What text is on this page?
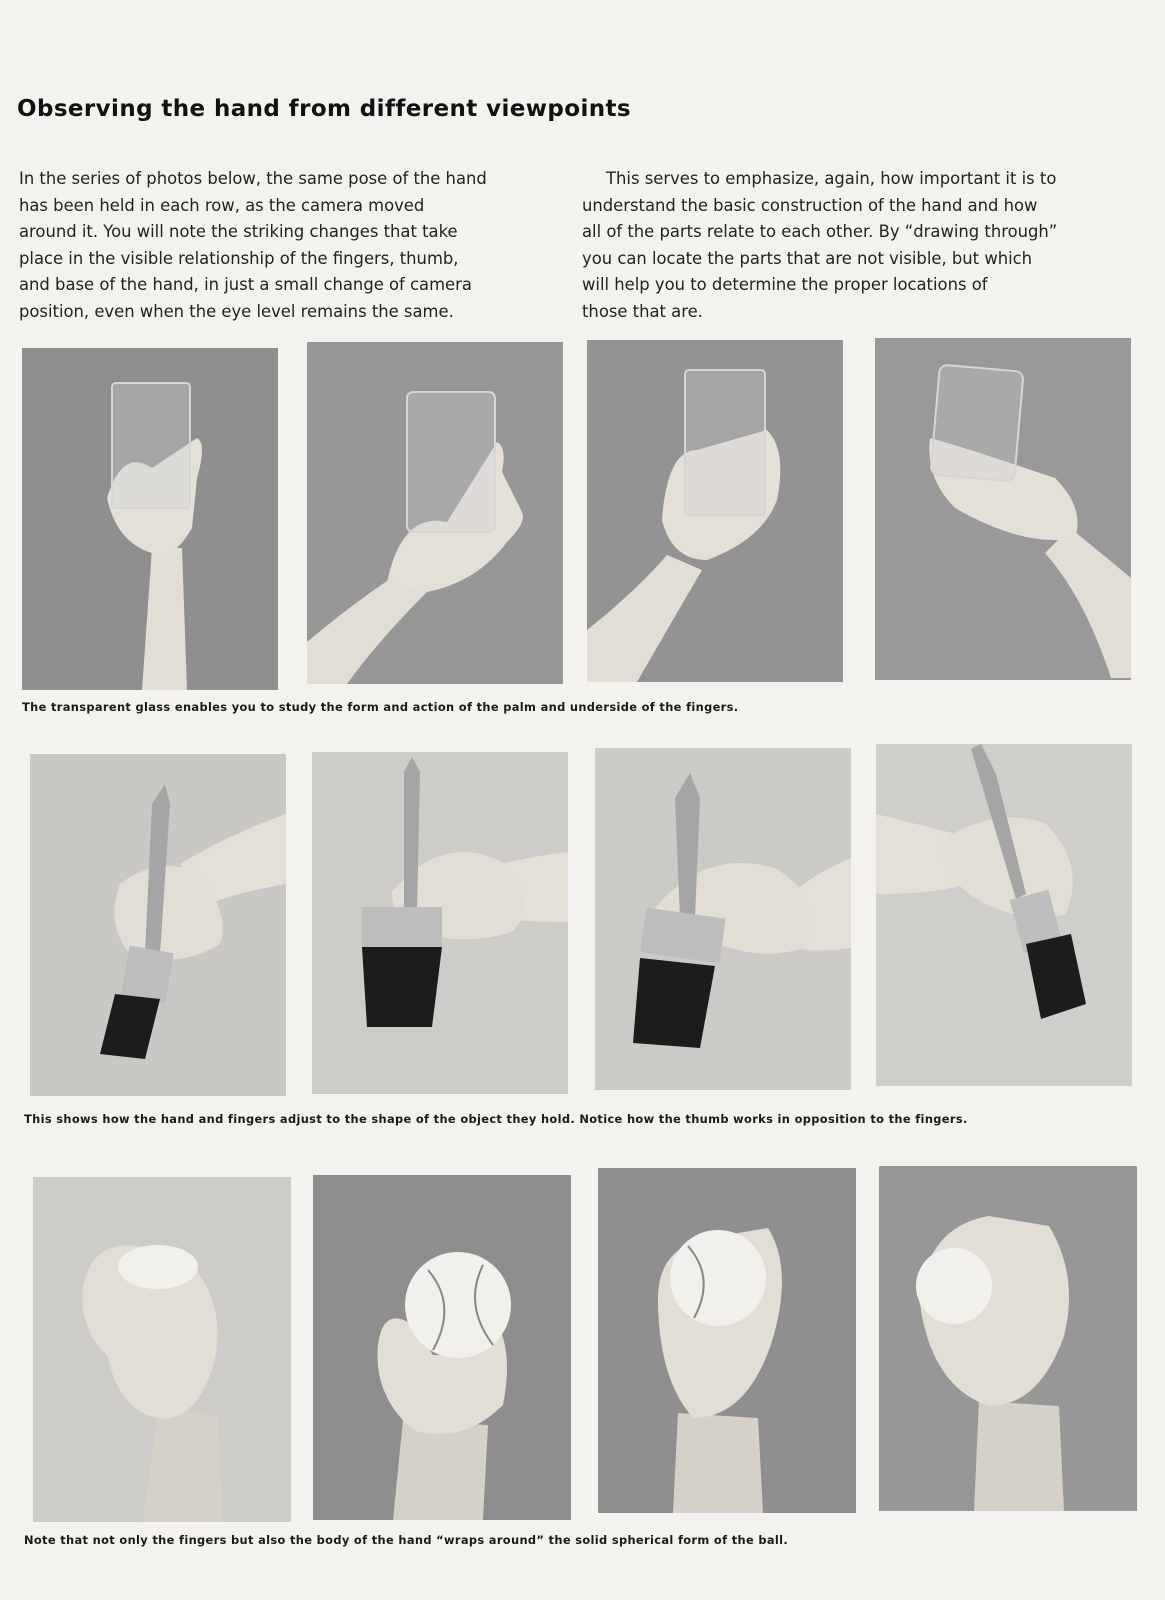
Observing the hand from different viewpoints
In the series of photos below, the same pose of the hand
has been held in each row, as the camera moved
around it. You will note the striking changes that take
place in the visible relationship of the fingers, thumb,
and base of the hand, in just a small change of camera
position, even when the eye level remains the same.
This serves to emphasize, again, how important it is to
understand the basic construction of the hand and how
all of the parts relate to each other. By “drawing through”
you can locate the parts that are not visible, but which
will help you to determine the proper locations of
those that are.

The transparent glass enables you to study the form and action of the palm and underside of the fingers.

This shows how the hand and fingers adjust to the shape of the object they hold. Notice how the thumb works in opposition to the fingers.

Note that not only the fingers but also the body of the hand “wraps around” the solid spherical form of the ball.
